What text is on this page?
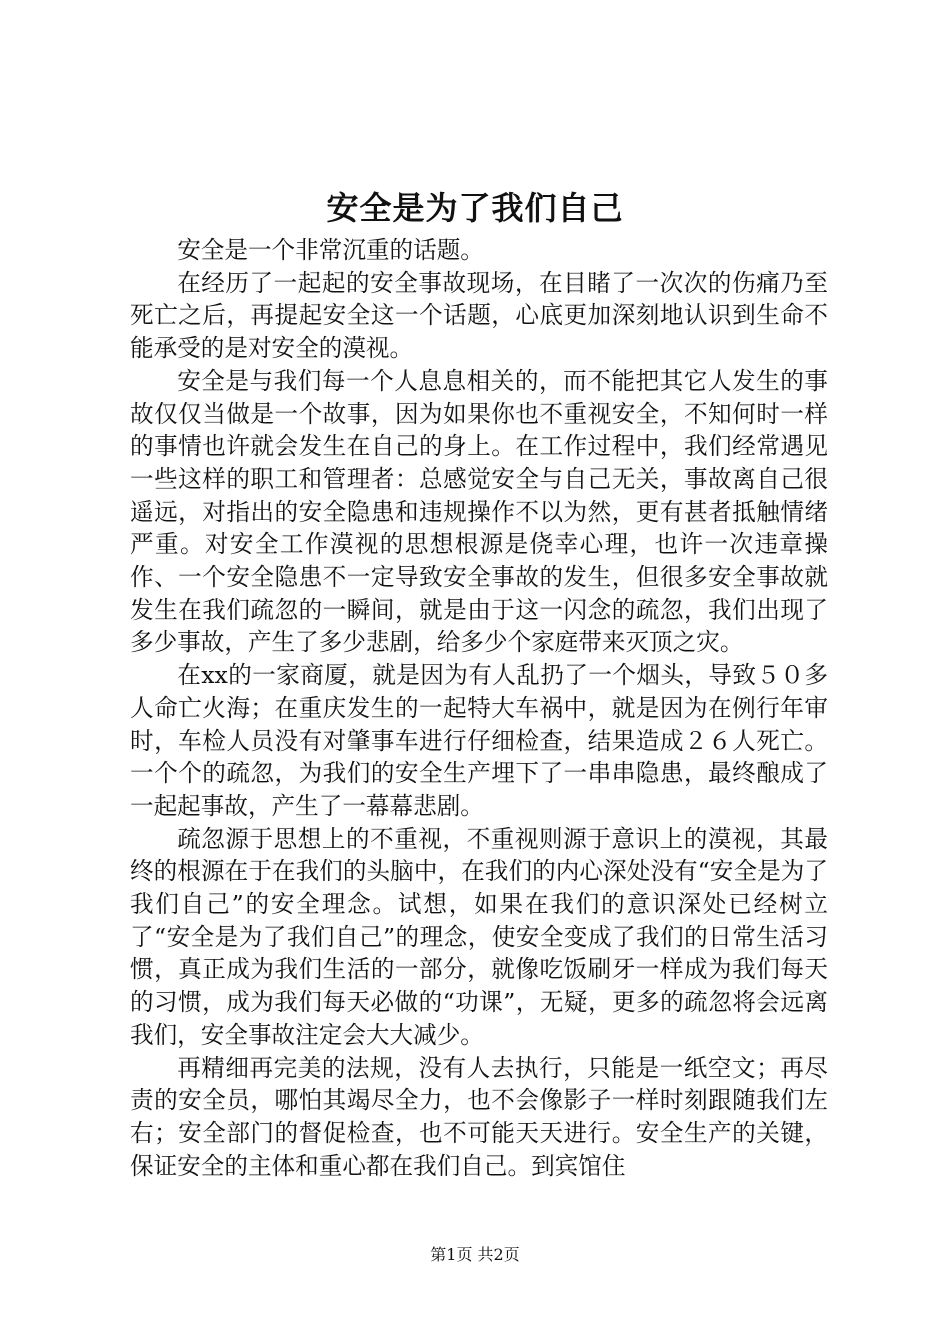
安全是为了我们自己

安全是一个非常沉重的话题。

在经历了一起起的安全事故现场，在目睹了一次次的伤痛乃至死亡之后，再提起安全这一个话题，心底更加深刻地认识到生命不能承受的是对安全的漠视。

安全是与我们每一个人息息相关的，而不能把其它人发生的事故仅仅当做是一个故事，因为如果你也不重视安全，不知何时一样的事情也许就会发生在自己的身上。在工作过程中，我们经常遇见一些这样的职工和管理者：总感觉安全与自己无关，事故离自己很遥远，对指出的安全隐患和违规操作不以为然，更有甚者抵触情绪严重。对安全工作漠视的思想根源是侥幸心理，也许一次违章操作、一个安全隐患不一定导致安全事故的发生，但很多安全事故就发生在我们疏忽的一瞬间，就是由于这一闪念的疏忽，我们出现了多少事故，产生了多少悲剧，给多少个家庭带来灭顶之灾。

在xx的一家商厦，就是因为有人乱扔了一个烟头，导致５０多人命亡火海；在重庆发生的一起特大车祸中，就是因为在例行年审时，车检人员没有对肇事车进行仔细检查，结果造成２６人死亡。一个个的疏忽，为我们的安全生产埋下了一串串隐患，最终酿成了一起起事故，产生了一幕幕悲剧。

疏忽源于思想上的不重视，不重视则源于意识上的漠视，其最终的根源在于在我们的头脑中，在我们的内心深处没有“安全是为了我们自己”的安全理念。试想，如果在我们的意识深处已经树立了“安全是为了我们自己”的理念，使安全变成了我们的日常生活习惯，真正成为我们生活的一部分，就像吃饭刷牙一样成为我们每天的习惯，成为我们每天必做的“功课”，无疑，更多的疏忽将会远离我们，安全事故注定会大大减少。

再精细再完美的法规，没有人去执行，只能是一纸空文；再尽责的安全员，哪怕其竭尽全力，也不会像影子一样时刻跟随我们左右；安全部门的督促检查，也不可能天天进行。安全生产的关键，保证安全的主体和重心都在我们自己。到宾馆住

第1页 共2页
